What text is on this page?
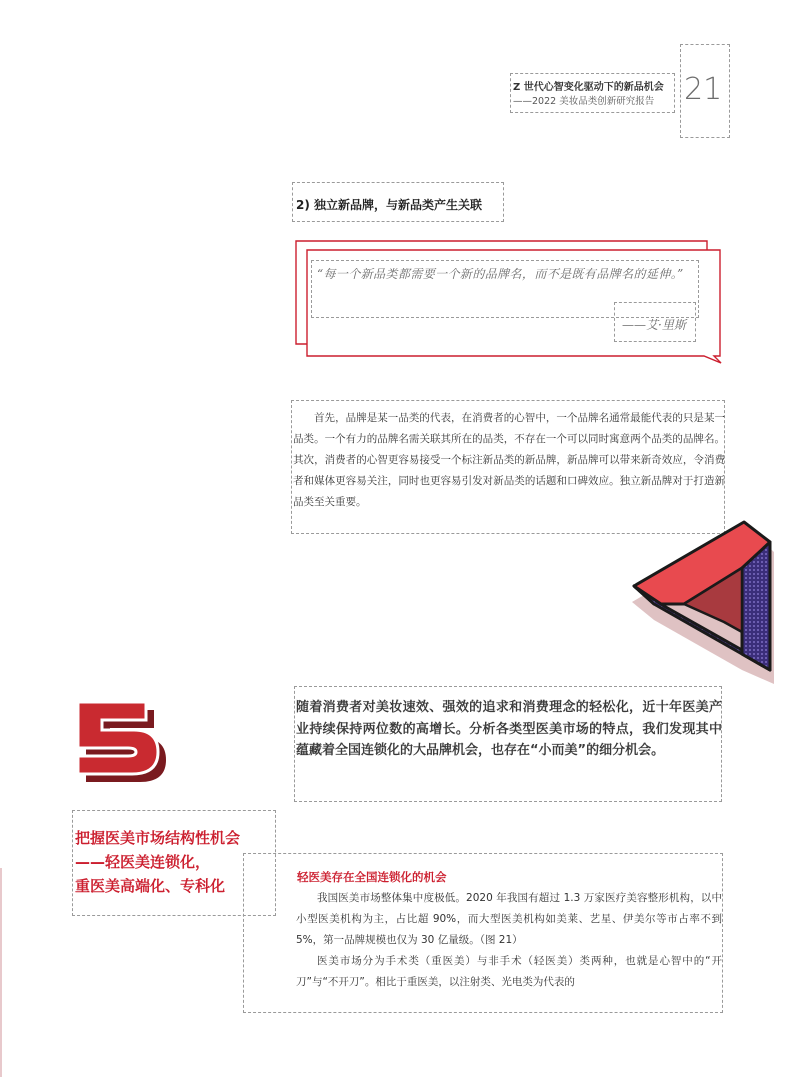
Z 世代心智变化驱动下的新品机会
——2022 美妆品类创新研究报告 21
2) 独立新品牌，与新品类产生关联
“每一个新品类都需要一个新的品牌名，而不是既有品牌名的延伸。”
——艾·里斯

首先，品牌是某一品类的代表，在消费者的心智中，一个品牌名通常最能代表的只是某一品类。一个有力的品牌名需关联其所在的品类，不存在一个可以同时寓意两个品类的品牌名。其次，消费者的心智更容易接受一个标注新品类的新品牌，新品牌可以带来新奇效应，令消费者和媒体更容易关注，同时也更容易引发对新品类的话题和口碑效应。独立新品牌对于打造新品类至关重要。

随着消费者对美妆速效、强效的追求和消费理念的轻松化，近十年医美产业持续保持两位数的高增长。分析各类型医美市场的特点，我们发现其中蕴藏着全国连锁化的大品牌机会，也存在“小而美”的细分机会。
把握医美市场结构性机会
——轻医美连锁化，
重医美高端化、专科化	轻医美存在全国连锁化的机会

我国医美市场整体集中度极低。2020 年我国有超过 1.3 万家医疗美容整形机构，以中小型医美机构为主，占比超 90%，而大型医美机构如美莱、艺星、伊美尔等市占率不到 5%，第一品牌规模也仅为 30 亿量级。（图 21）

医美市场分为手术类（重医美）与非手术（轻医美）类两种，也就是心智中的“开刀”与“不开刀”。相比于重医美，以注射类、光电类为代表的
